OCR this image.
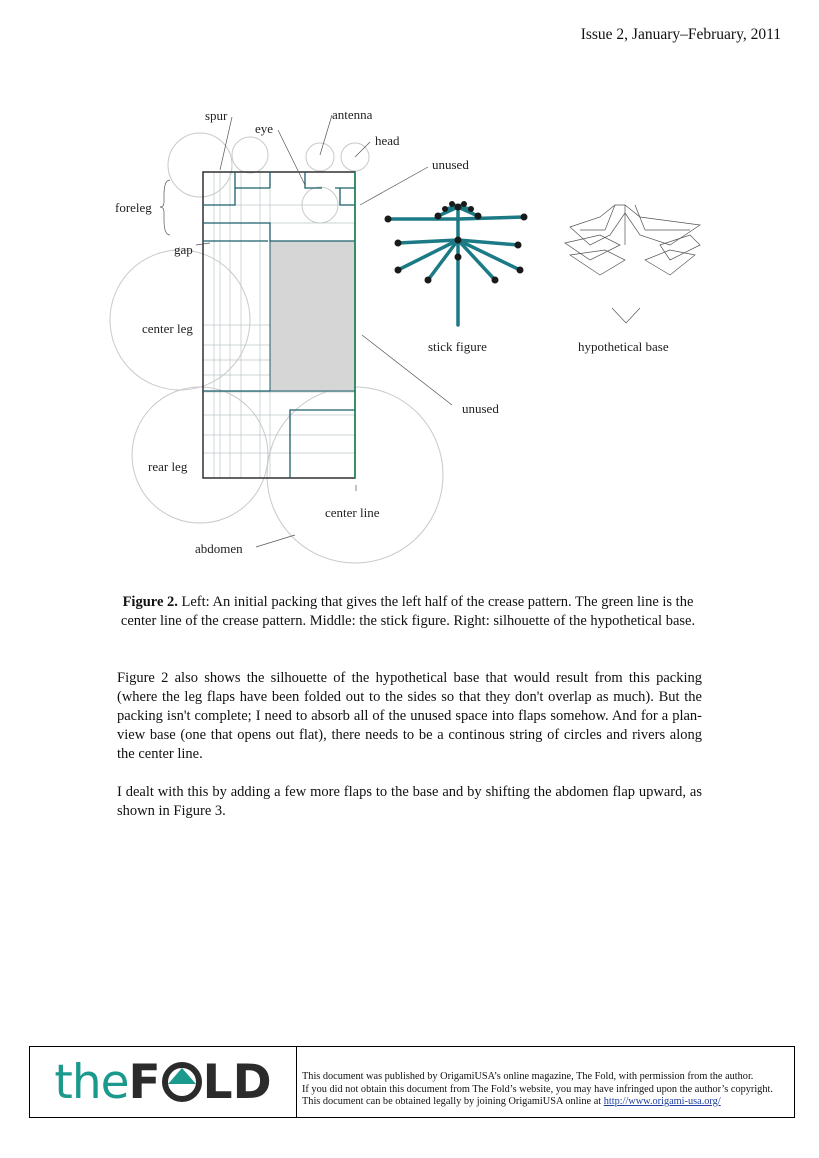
Issue 2, January–February, 2011
spur
eye
antenna
head
unused
foreleg
gap
center leg
unused
rear leg
center line
abdomen
stick figure	hypothetical base
Figure 2. Left: An initial packing that gives the left half of the crease pattern. The green line is the center line of the crease pattern. Middle: the stick figure. Right: silhouette of the hypothetical base.
Figure 2 also shows the silhouette of the hypothetical base that would result from this packing (where the leg flaps have been folded out to the sides so that they don't overlap as much). But the packing isn't complete; I need to absorb all of the unused space into flaps somehow. And for a plan-view base (one that opens out flat), there needs to be a continous string of circles and rivers along the center line.
I dealt with this by adding a few more flaps to the base and by shifting the abdomen flap upward, as shown in Figure 3.
the F LD	This document was published by OrigamiUSA’s online magazine, The Fold, with permission from the author.
If you did not obtain this document from The Fold’s website, you may have infringed upon the author’s copyright.
This document can be obtained legally by joining OrigamiUSA online at http://www.origami-usa.org/
